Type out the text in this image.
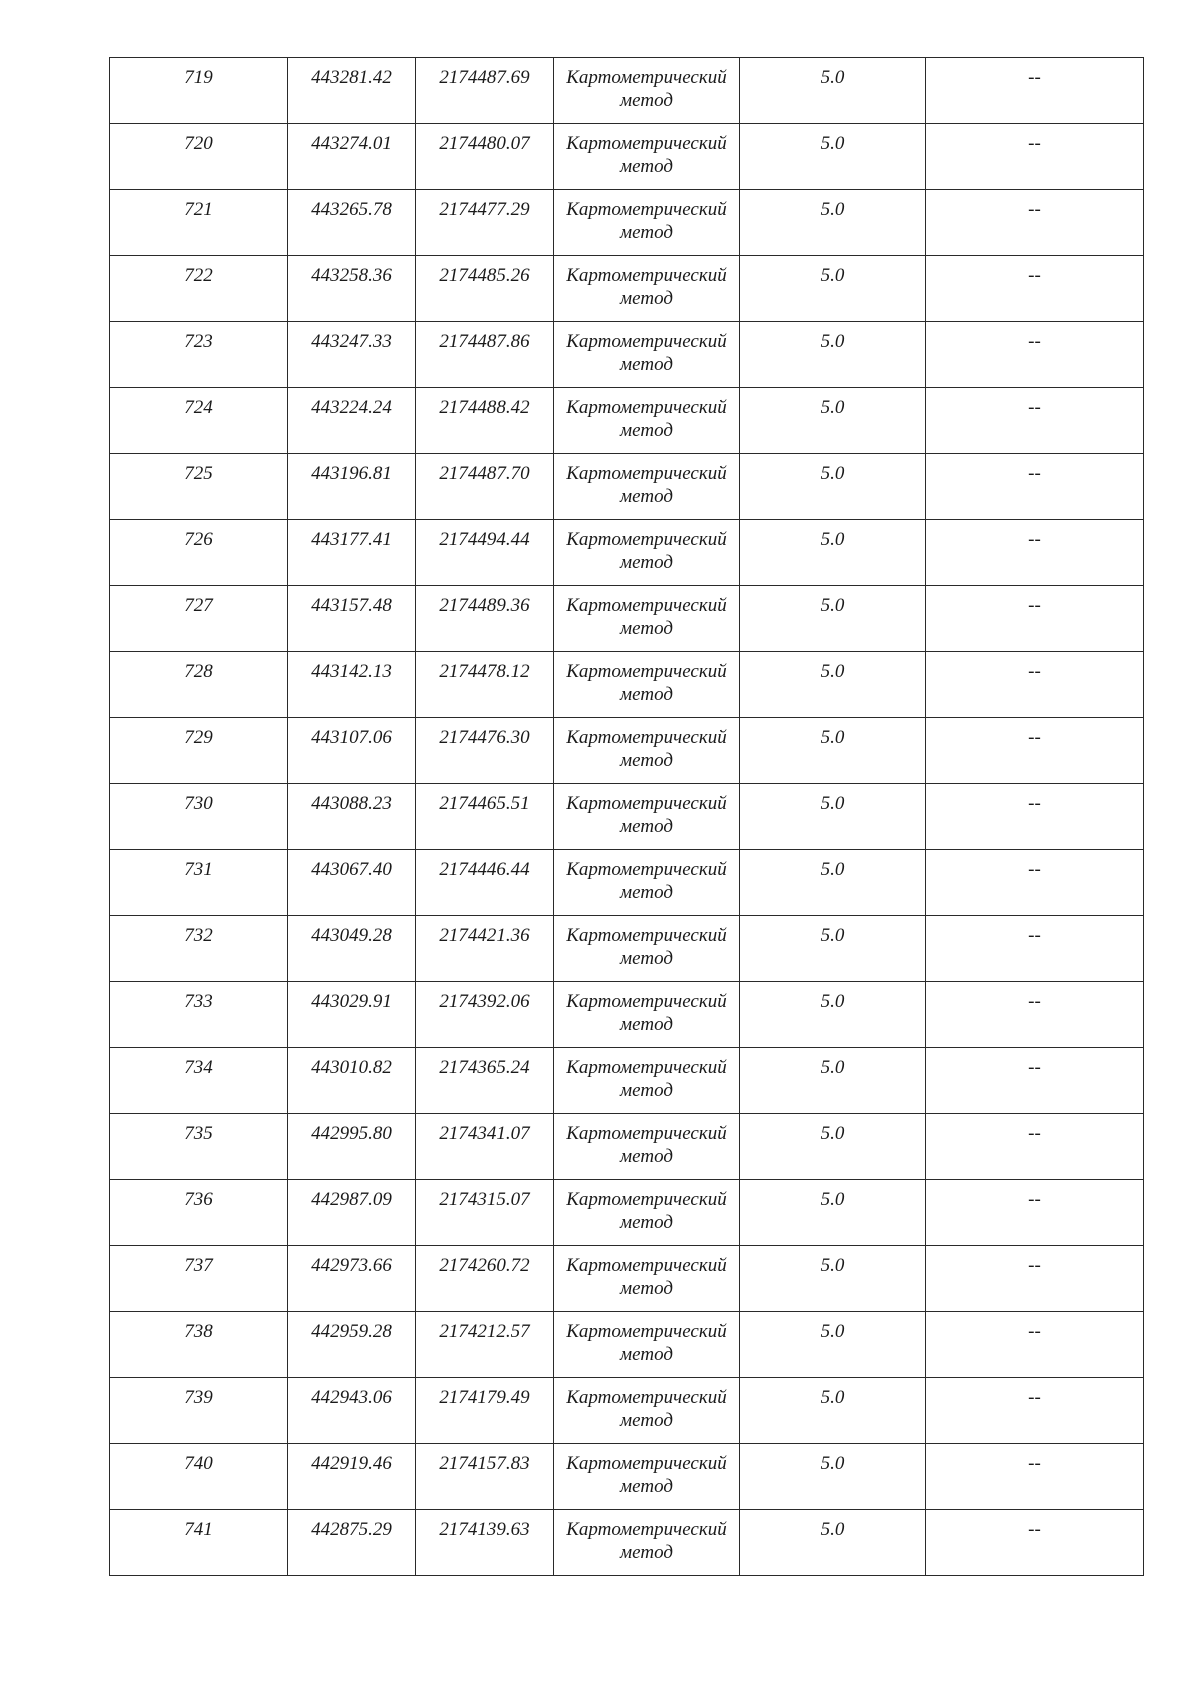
719	443281.42	2174487.69	Картометрический
метод	5.0	--
720	443274.01	2174480.07	Картометрический
метод	5.0	--
721	443265.78	2174477.29	Картометрический
метод	5.0	--
722	443258.36	2174485.26	Картометрический
метод	5.0	--
723	443247.33	2174487.86	Картометрический
метод	5.0	--
724	443224.24	2174488.42	Картометрический
метод	5.0	--
725	443196.81	2174487.70	Картометрический
метод	5.0	--
726	443177.41	2174494.44	Картометрический
метод	5.0	--
727	443157.48	2174489.36	Картометрический
метод	5.0	--
728	443142.13	2174478.12	Картометрический
метод	5.0	--
729	443107.06	2174476.30	Картометрический
метод	5.0	--
730	443088.23	2174465.51	Картометрический
метод	5.0	--
731	443067.40	2174446.44	Картометрический
метод	5.0	--
732	443049.28	2174421.36	Картометрический
метод	5.0	--
733	443029.91	2174392.06	Картометрический
метод	5.0	--
734	443010.82	2174365.24	Картометрический
метод	5.0	--
735	442995.80	2174341.07	Картометрический
метод	5.0	--
736	442987.09	2174315.07	Картометрический
метод	5.0	--
737	442973.66	2174260.72	Картометрический
метод	5.0	--
738	442959.28	2174212.57	Картометрический
метод	5.0	--
739	442943.06	2174179.49	Картометрический
метод	5.0	--
740	442919.46	2174157.83	Картометрический
метод	5.0	--
741	442875.29	2174139.63	Картометрический
метод	5.0	--
